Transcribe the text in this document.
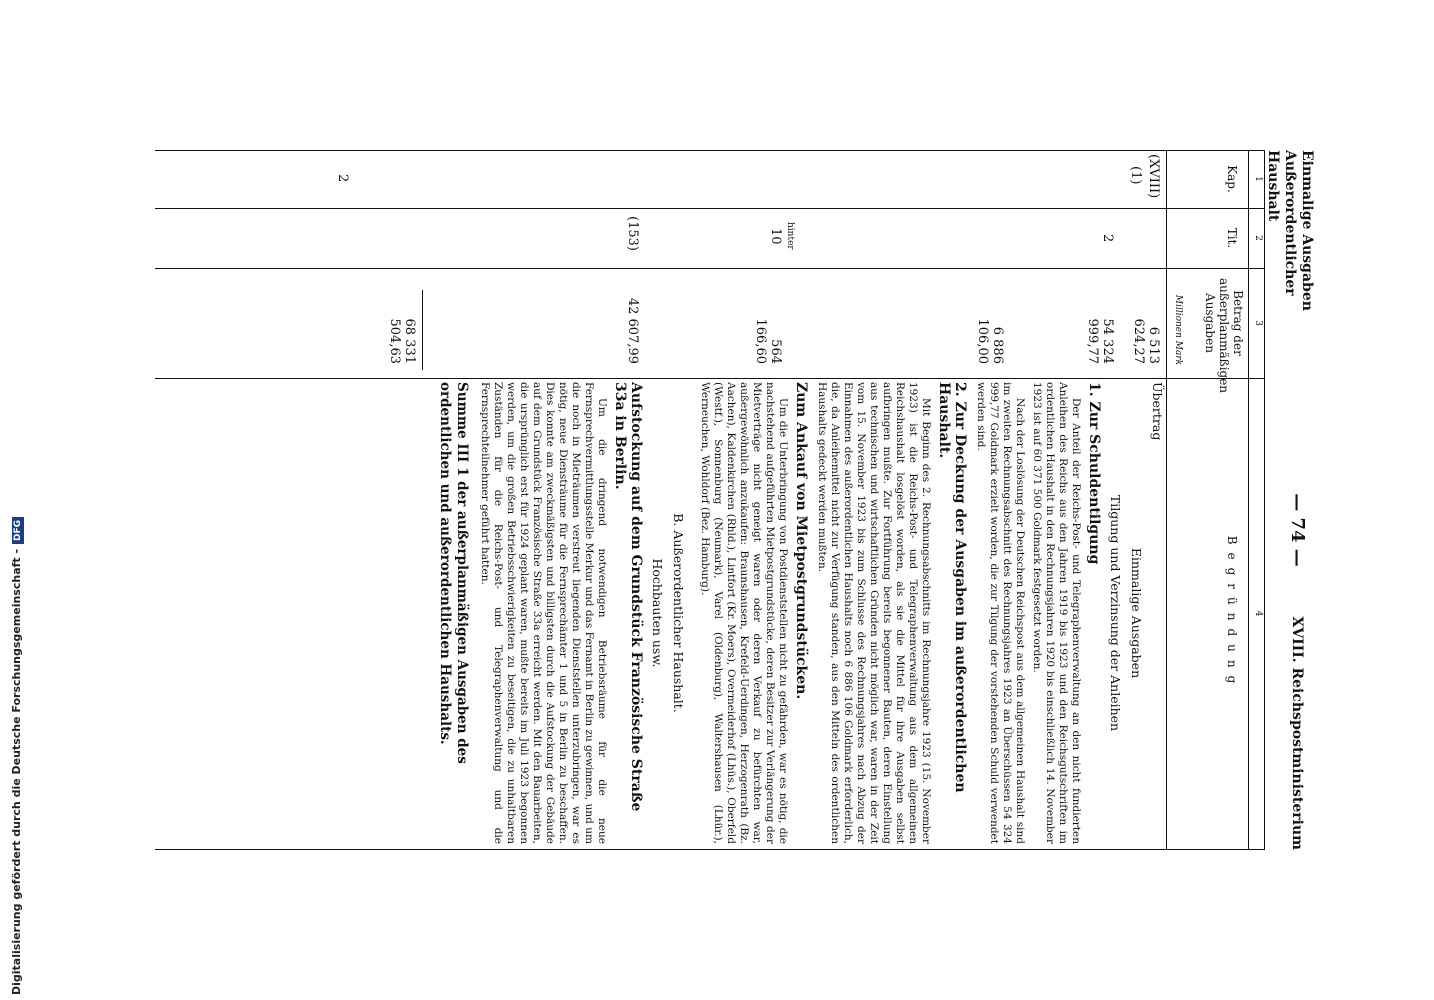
Digitalisierung gefördert durch die Deutsche Forschungsgemeinschaft -DFG
Einmalige Ausgaben
Außerordentlicher Haushalt
— 74 —
XVIII. Reichspostministerium
1
2
3
4
Kap.
Tit.
Betrag der außerplanmäßigen Ausgaben
Begründung
Millionen Mark
(XVIII)
(1)
2
2
hinter
10
(153)
6 513 624,27
54 324 999,77
6 886 106,00
564 166,60
42 607,99
68 331 504,63
Übertrag
Einmalige Ausgaben
Tilgung und Verzinsung der Anleihen
1. Zur Schuldentilgung

Der Anteil der Reichs-Post- und Telegraphenverwaltung an den nicht fundierten Anleihen des Reichs aus den Jahren 1919 bis 1923 und den Reichsgutschriften im ordentlichen Haushalt in den Rechnungsjahren 1920 bis einschließlich 14. November 1923 ist auf 60 371 500 Goldmark festgesetzt worden.

Nach der Loslösung der Deutschen Reichspost aus dem allgemeinen Haushalt sind im zweiten Rechnungsabschnitt des Rechnungsjahres 1923 an Überschüssen 54 324 999,77 Goldmark erzielt worden, die zur Tilgung der vorstehenden Schuld verwendet werden sind.

2. Zur Deckung der Ausgaben im außerordentlichen Haushalt.

Mit Beginn des 2. Rechnungsabschnitts im Rechnungsjahre 1923 (15. November 1923) ist die Reichs-Post- und Telegraphenverwaltung aus dem allgemeinen Reichshaushalt losgelöst worden, als sie die Mittel für ihre Ausgaben selbst aufbringen mußte. Zur Fortführung bereits begonnener Bauten, deren Einstellung aus technischen und wirtschaftlichen Gründen nicht möglich war, waren in der Zeit vom 15. November 1923 bis zum Schlusse des Rechnungsjahres nach Abzug der Einnahmen des außerordentlichen Haushalts noch 6 886 106 Goldmark erforderlich, die, da Anleihemittel nicht zur Verfügung standen, aus den Mitteln des ordentlichen Haushalts gedeckt werden mußten.

Zum Ankauf von Mietpostgrundstücken.

Um die Unterbringung von Postdienststellen nicht zu gefährden, war es nötig, die nachstehend aufgeführten Mietpostgrundstücke, deren Besitzer zur Verlängerung der Mietverträge nicht geneigt waren oder deren Verkauf zu befürchten war, außergewöhnlich anzukaufen: Braunshausen, Krefeld-Uerdingen, Herzogenrath (Bz. Aachen), Kaldenkirchen (Rhld.), Lintfort (Kr. Moers), Overmeiderhof (Lhüs.), Oberfeld (Westf.), Sonnenburg (Neumark), Varel (Oldenburg), Waltershausen (Lhür.), Werneuchen, Wohldorf (Bez. Hamburg).

B. Außerordentlicher Haushalt.
Hochbauten usw.
Aufstockung auf dem Grundstück Französische Straße 33a in Berlin.

Um die dringend notwendigen Betriebsräume für die neue Fernsprechvermittlungsstelle Merkur und das Fernamt in Berlin zu gewinnen, und um die noch in Mieträumen verstreut liegenden Dienststellen unterzubringen, war es nötig, neue Diensträume für die Fernsprechämter 1 und 5 in Berlin zu beschaffen. Dies konnte am zweckmäßigsten und billigsten durch die Aufstockung der Gebäude auf dem Grundstück Französische Straße 33a erreicht werden. Mit den Bauarbeiten, die ursprünglich erst für 1924 geplant waren, mußte bereits im Juli 1923 begonnen werden, um die großen Betriebsschwierigkeiten zu beseitigen, die zu unhaltbaren Zuständen für die Reichs-Post- und Telegraphenverwaltung und die Fernsprechteilnehmer geführt hatten.

Summe III 1 der außerplanmäßigen Ausgaben des ordentlichen und außerordentlichen Haushalts.
